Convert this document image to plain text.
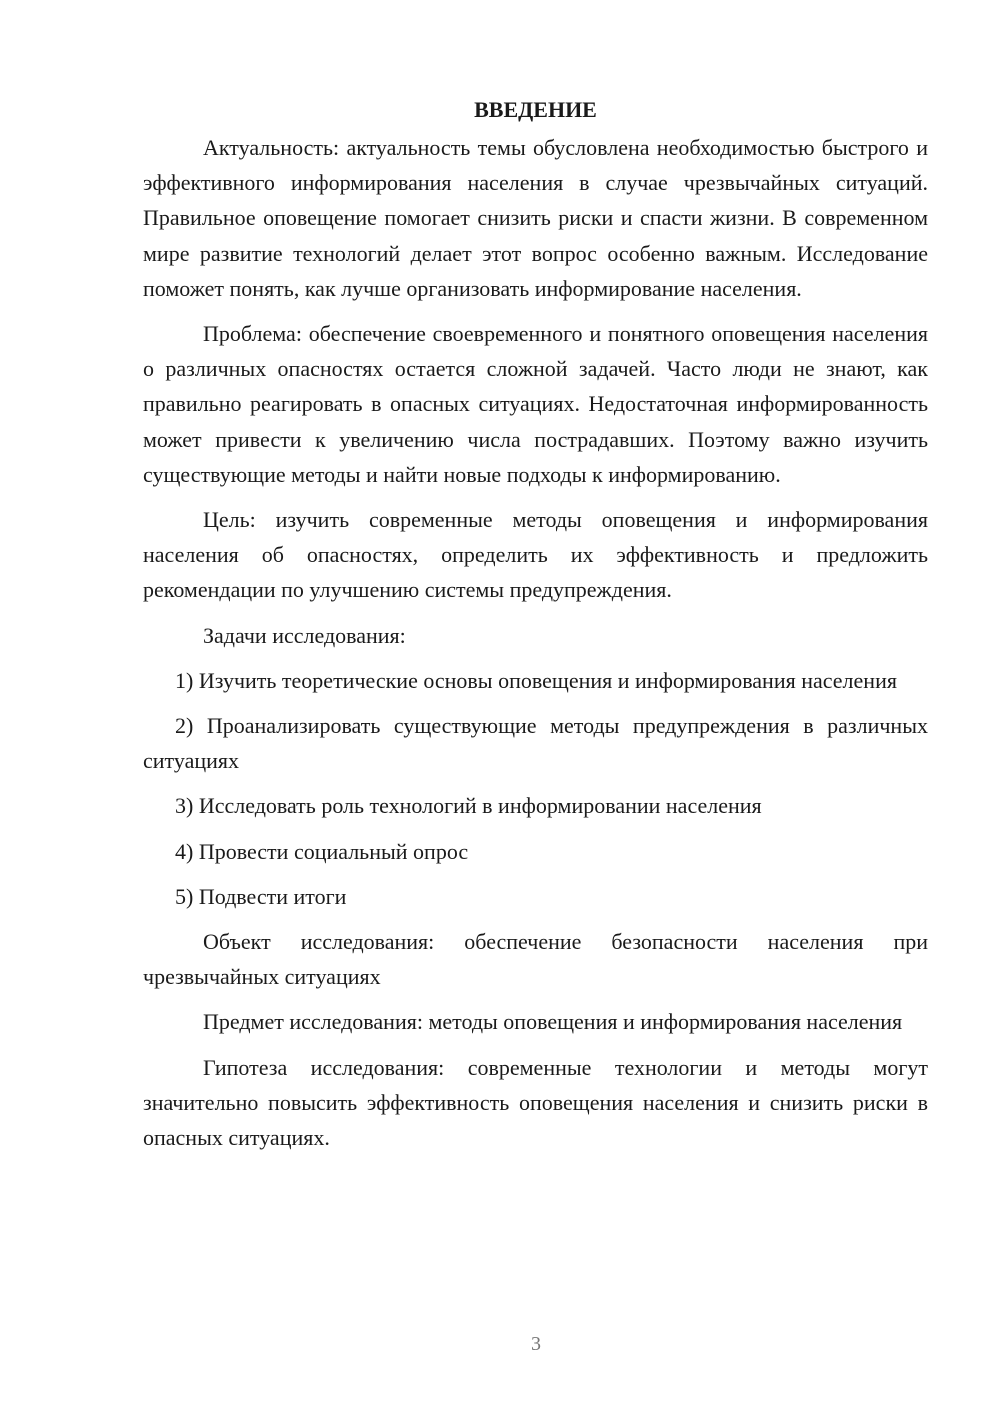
ВВЕДЕНИЕ

Актуальность: актуальность темы обусловлена необходимостью быстрого и эффективного информирования населения в случае чрезвычайных ситуаций. Правильное оповещение помогает снизить риски и спасти жизни. В современном мире развитие технологий делает этот вопрос особенно важным. Исследование поможет понять, как лучше организовать информирование населения.

Проблема: обеспечение своевременного и понятного оповещения населения о различных опасностях остается сложной задачей. Часто люди не знают, как правильно реагировать в опасных ситуациях. Недостаточная информированность может привести к увеличению числа пострадавших. Поэтому важно изучить существующие методы и найти новые подходы к информированию.

Цель: изучить современные методы оповещения и информирования населения об опасностях, определить их эффективность и предложить рекомендации по улучшению системы предупреждения.

Задачи исследования:

1) Изучить теоретические основы оповещения и информирования населения

2) Проанализировать существующие методы предупреждения в различных ситуациях

3) Исследовать роль технологий в информировании населения

4) Провести социальный опрос

5) Подвести итоги

Объект исследования: обеспечение безопасности населения при чрезвычайных ситуациях

Предмет исследования: методы оповещения и информирования населения

Гипотеза исследования: современные технологии и методы могут значительно повысить эффективность оповещения населения и снизить риски в опасных ситуациях.

3
